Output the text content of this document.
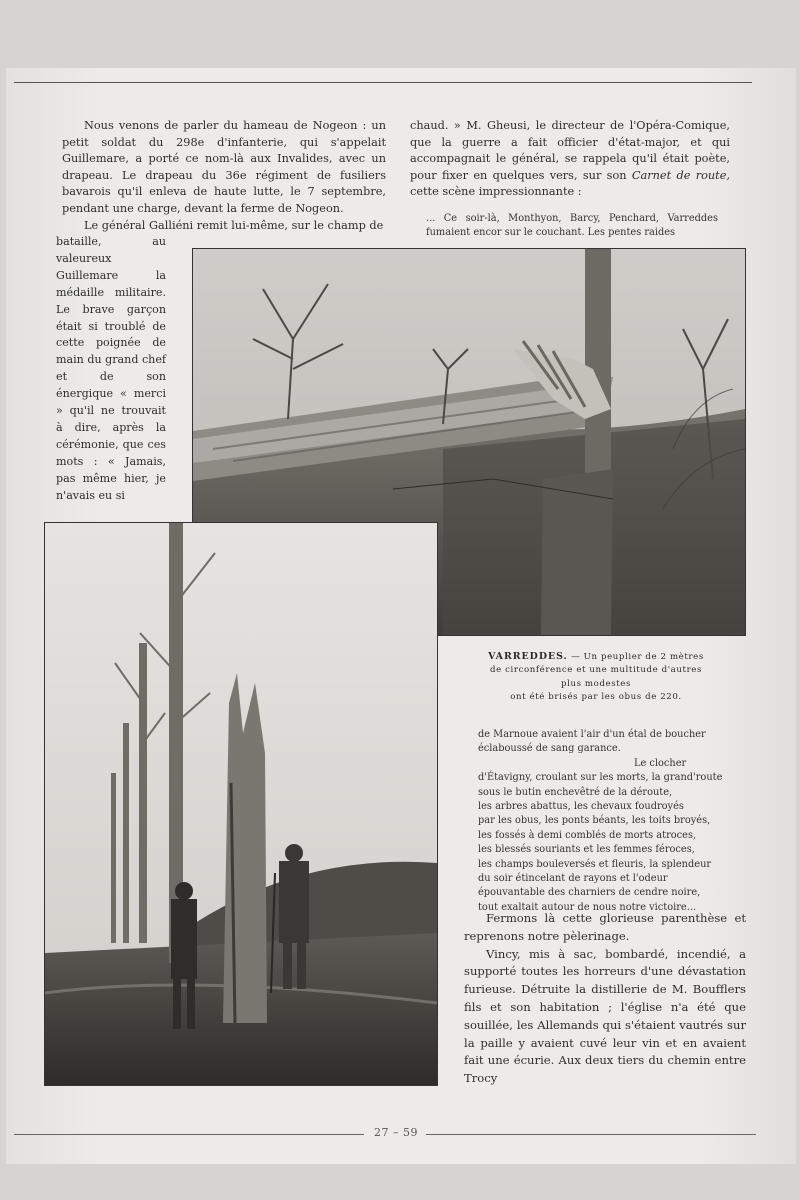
Nous venons de parler du hameau de Nogeon : un petit soldat du 298e d'infanterie, qui s'appelait Guillemare, a porté ce nom-là aux Invalides, avec un drapeau. Le drapeau du 36e régiment de fusiliers bavarois qu'il enleva de haute lutte, le 7 septembre, pendant une charge, devant la ferme de Nogeon.

Le général Galliéni remit lui-même, sur le champ de

bataille, au valeureux Guillemare la médaille militaire. Le brave garçon était si troublé de cette poignée de main du grand chef et de son énergique « merci » qu'il ne trouvait à dire, après la cérémonie, que ces mots : « Jamais, pas même hier, je n'avais eu si

chaud. » M. Gheusi, le directeur de l'Opéra-Comique, que la guerre a fait officier d'état-major, et qui accompagnait le général, se rappela qu'il était poète, pour fixer en quelques vers, sur son Carnet de route, cette scène impressionnante :

... Ce soir-là, Monthyon, Barcy, Penchard, Varreddes fumaient encor sur le couchant. Les pentes raides
VARREDDES. — Un peuplier de 2 mètres
de circonférence et une multitude d'autres
plus modestes
ont été brisés par les obus de 220.
de Marnoue avaient l'air d'un étal de boucher
éclaboussé de sang garance.
Le clocher
d'Étavigny, croulant sur les morts, la grand'route
sous le butin enchevêtré de la déroute,
les arbres abattus, les chevaux foudroyés
par les obus, les ponts béants, les toits broyés,
les fossés à demi comblés de morts atroces,
les blessés souriants et les femmes féroces,
les champs bouleversés et fleuris, la splendeur
du soir étincelant de rayons et l'odeur
épouvantable des charniers de cendre noire,
tout exaltait autour de nous notre victoire...

Fermons là cette glorieuse parenthèse et reprenons notre pèlerinage.

Vincy, mis à sac, bombardé, incendié, a supporté toutes les horreurs d'une dévastation furieuse. Détruite la distillerie de M. Boufflers fils et son habitation ; l'église n'a été que souillée, les Allemands qui s'étaient vautrés sur la paille y avaient cuvé leur vin et en avaient fait une écurie. Aux deux tiers du chemin entre Trocy

27 – 59
